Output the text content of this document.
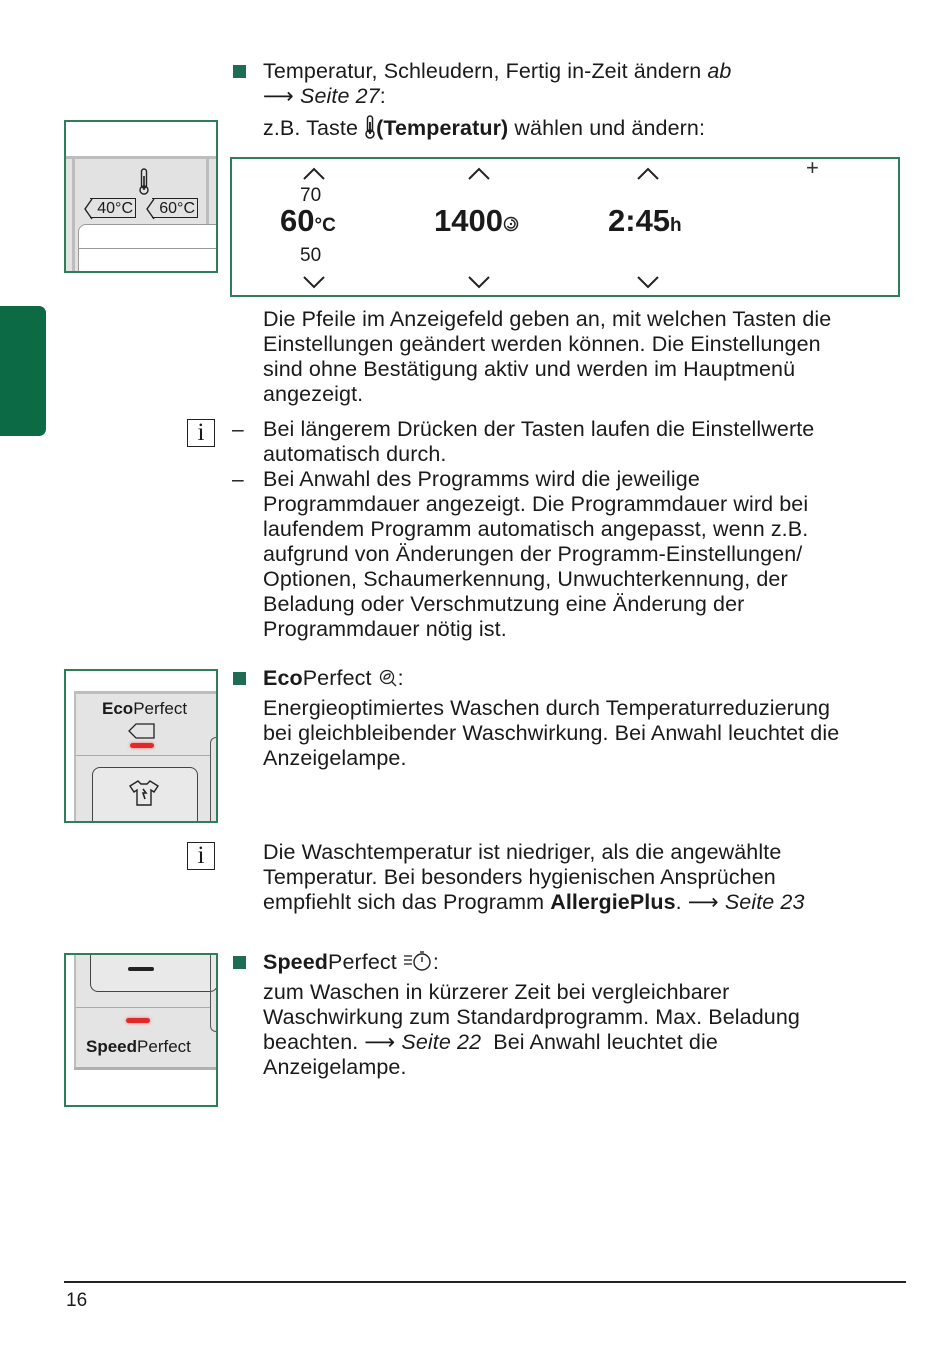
Temperatur, Schleudern, Fertig in-Zeit ändern ab
⟶ Seite 27:
z.B. Taste (Temperatur) wählen und ändern:
40°C	60°C
+
70
60°C
50
1400	2:45h
Die Pfeile im Anzeigefeld geben an, mit welchen Tasten die
Einstellungen geändert werden können. Die Einstellungen
sind ohne Bestätigung aktiv und werden im Hauptmenü
angezeigt.
i	– Bei längerem Drücken der Tasten laufen die Einstellwerte
automatisch durch.
– Bei Anwahl des Programms wird die jeweilige
Programmdauer angezeigt. Die Programmdauer wird bei
laufendem Programm automatisch angepasst, wenn z.B.
aufgrund von Änderungen der Programm-Einstellungen/
Optionen, Schaumerkennung, Unwuchterkennung, der
Beladung oder Verschmutzung eine Änderung der
Programmdauer nötig ist.
EcoPerfect
EcoPerfect :
Energieoptimiertes Waschen durch Temperaturreduzierung
bei gleichbleibender Waschwirkung. Bei Anwahl leuchtet die
Anzeigelampe.
i	Die Waschtemperatur ist niedriger, als die angewählte
Temperatur. Bei besonders hygienischen Ansprüchen
empfiehlt sich das Programm AllergiePlus. ⟶ Seite 23
SpeedPerfect
SpeedPerfect :
zum Waschen in kürzerer Zeit bei vergleichbarer
Waschwirkung zum Standardprogramm. Max. Beladung
beachten. ⟶ Seite 22  Bei Anwahl leuchtet die
Anzeigelampe.
16
